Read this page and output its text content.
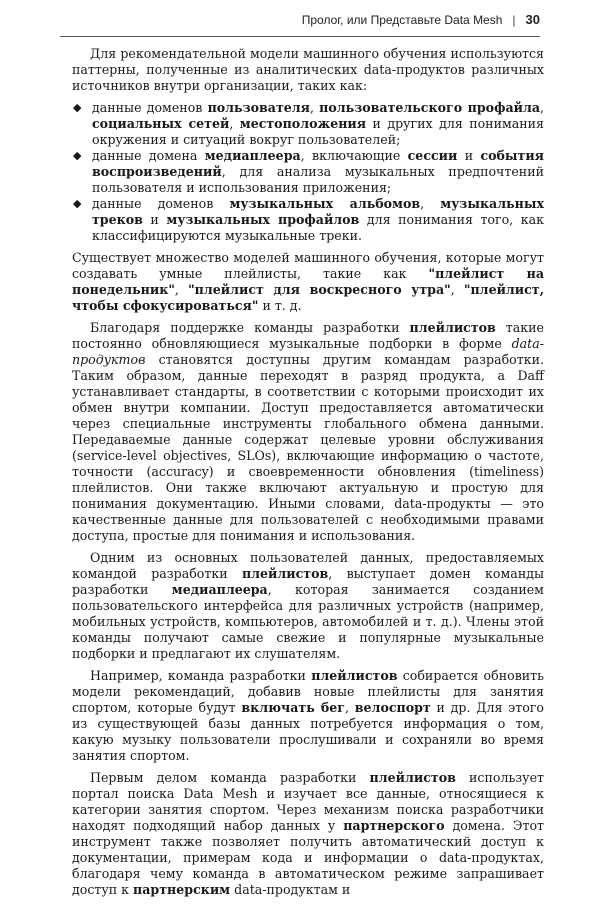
Пролог, или Представьте Data Mesh | 30

Для рекомендательной модели машинного обучения используются паттерны, полученные из аналитических data-продуктов различных источников внутри организации, таких как:

◆ данные доменов пользователя, пользовательского профайла, социальных сетей, местоположения и других для понимания окружения и ситуаций вокруг пользователей;
◆ данные домена медиаплеера, включающие сессии и события воспроизведений, для анализа музыкальных предпочтений пользователя и использования приложения;
◆ данные доменов музыкальных альбомов, музыкальных треков и музыкальных профайлов для понимания того, как классифицируются музыкальные треки.

Существует множество моделей машинного обучения, которые могут создавать умные плейлисты, такие как "плейлист на понедельник", "плейлист для воскресного утра", "плейлист, чтобы сфокусироваться" и т. д.

Благодаря поддержке команды разработки плейлистов такие постоянно обновляющиеся музыкальные подборки в форме data-продуктов становятся доступны другим командам разработки. Таким образом, данные переходят в разряд продукта, а Daff устанавливает стандарты, в соответствии с которыми происходит их обмен внутри компании. Доступ предоставляется автоматически через специальные инструменты глобального обмена данными. Передаваемые данные содержат целевые уровни обслуживания (service-level objectives, SLOs), включающие информацию о частоте, точности (accuracy) и своевременности обновления (timeliness) плейлистов. Они также включают актуальную и простую для понимания документацию. Иными словами, data-продукты — это качественные данные для пользователей с необходимыми правами доступа, простые для понимания и использования.

Одним из основных пользователей данных, предоставляемых командой разработки плейлистов, выступает домен команды разработки медиаплеера, которая занимается созданием пользовательского интерфейса для различных устройств (например, мобильных устройств, компьютеров, автомобилей и т. д.). Члены этой команды получают самые свежие и популярные музыкальные подборки и предлагают их слушателям.

Например, команда разработки плейлистов собирается обновить модели рекомендаций, добавив новые плейлисты для занятия спортом, которые будут включать бег, велоспорт и др. Для этого из существующей базы данных потребуется информация о том, какую музыку пользователи прослушивали и сохраняли во время занятия спортом.

Первым делом команда разработки плейлистов использует портал поиска Data Mesh и изучает все данные, относящиеся к категории занятия спортом. Через механизм поиска разработчики находят подходящий набор данных у партнерского домена. Этот инструмент также позволяет получить автоматический доступ к документации, примерам кода и информации о data-продуктах, благодаря чему команда в автоматическом режиме запрашивает доступ к партнерским data-продуктам и
